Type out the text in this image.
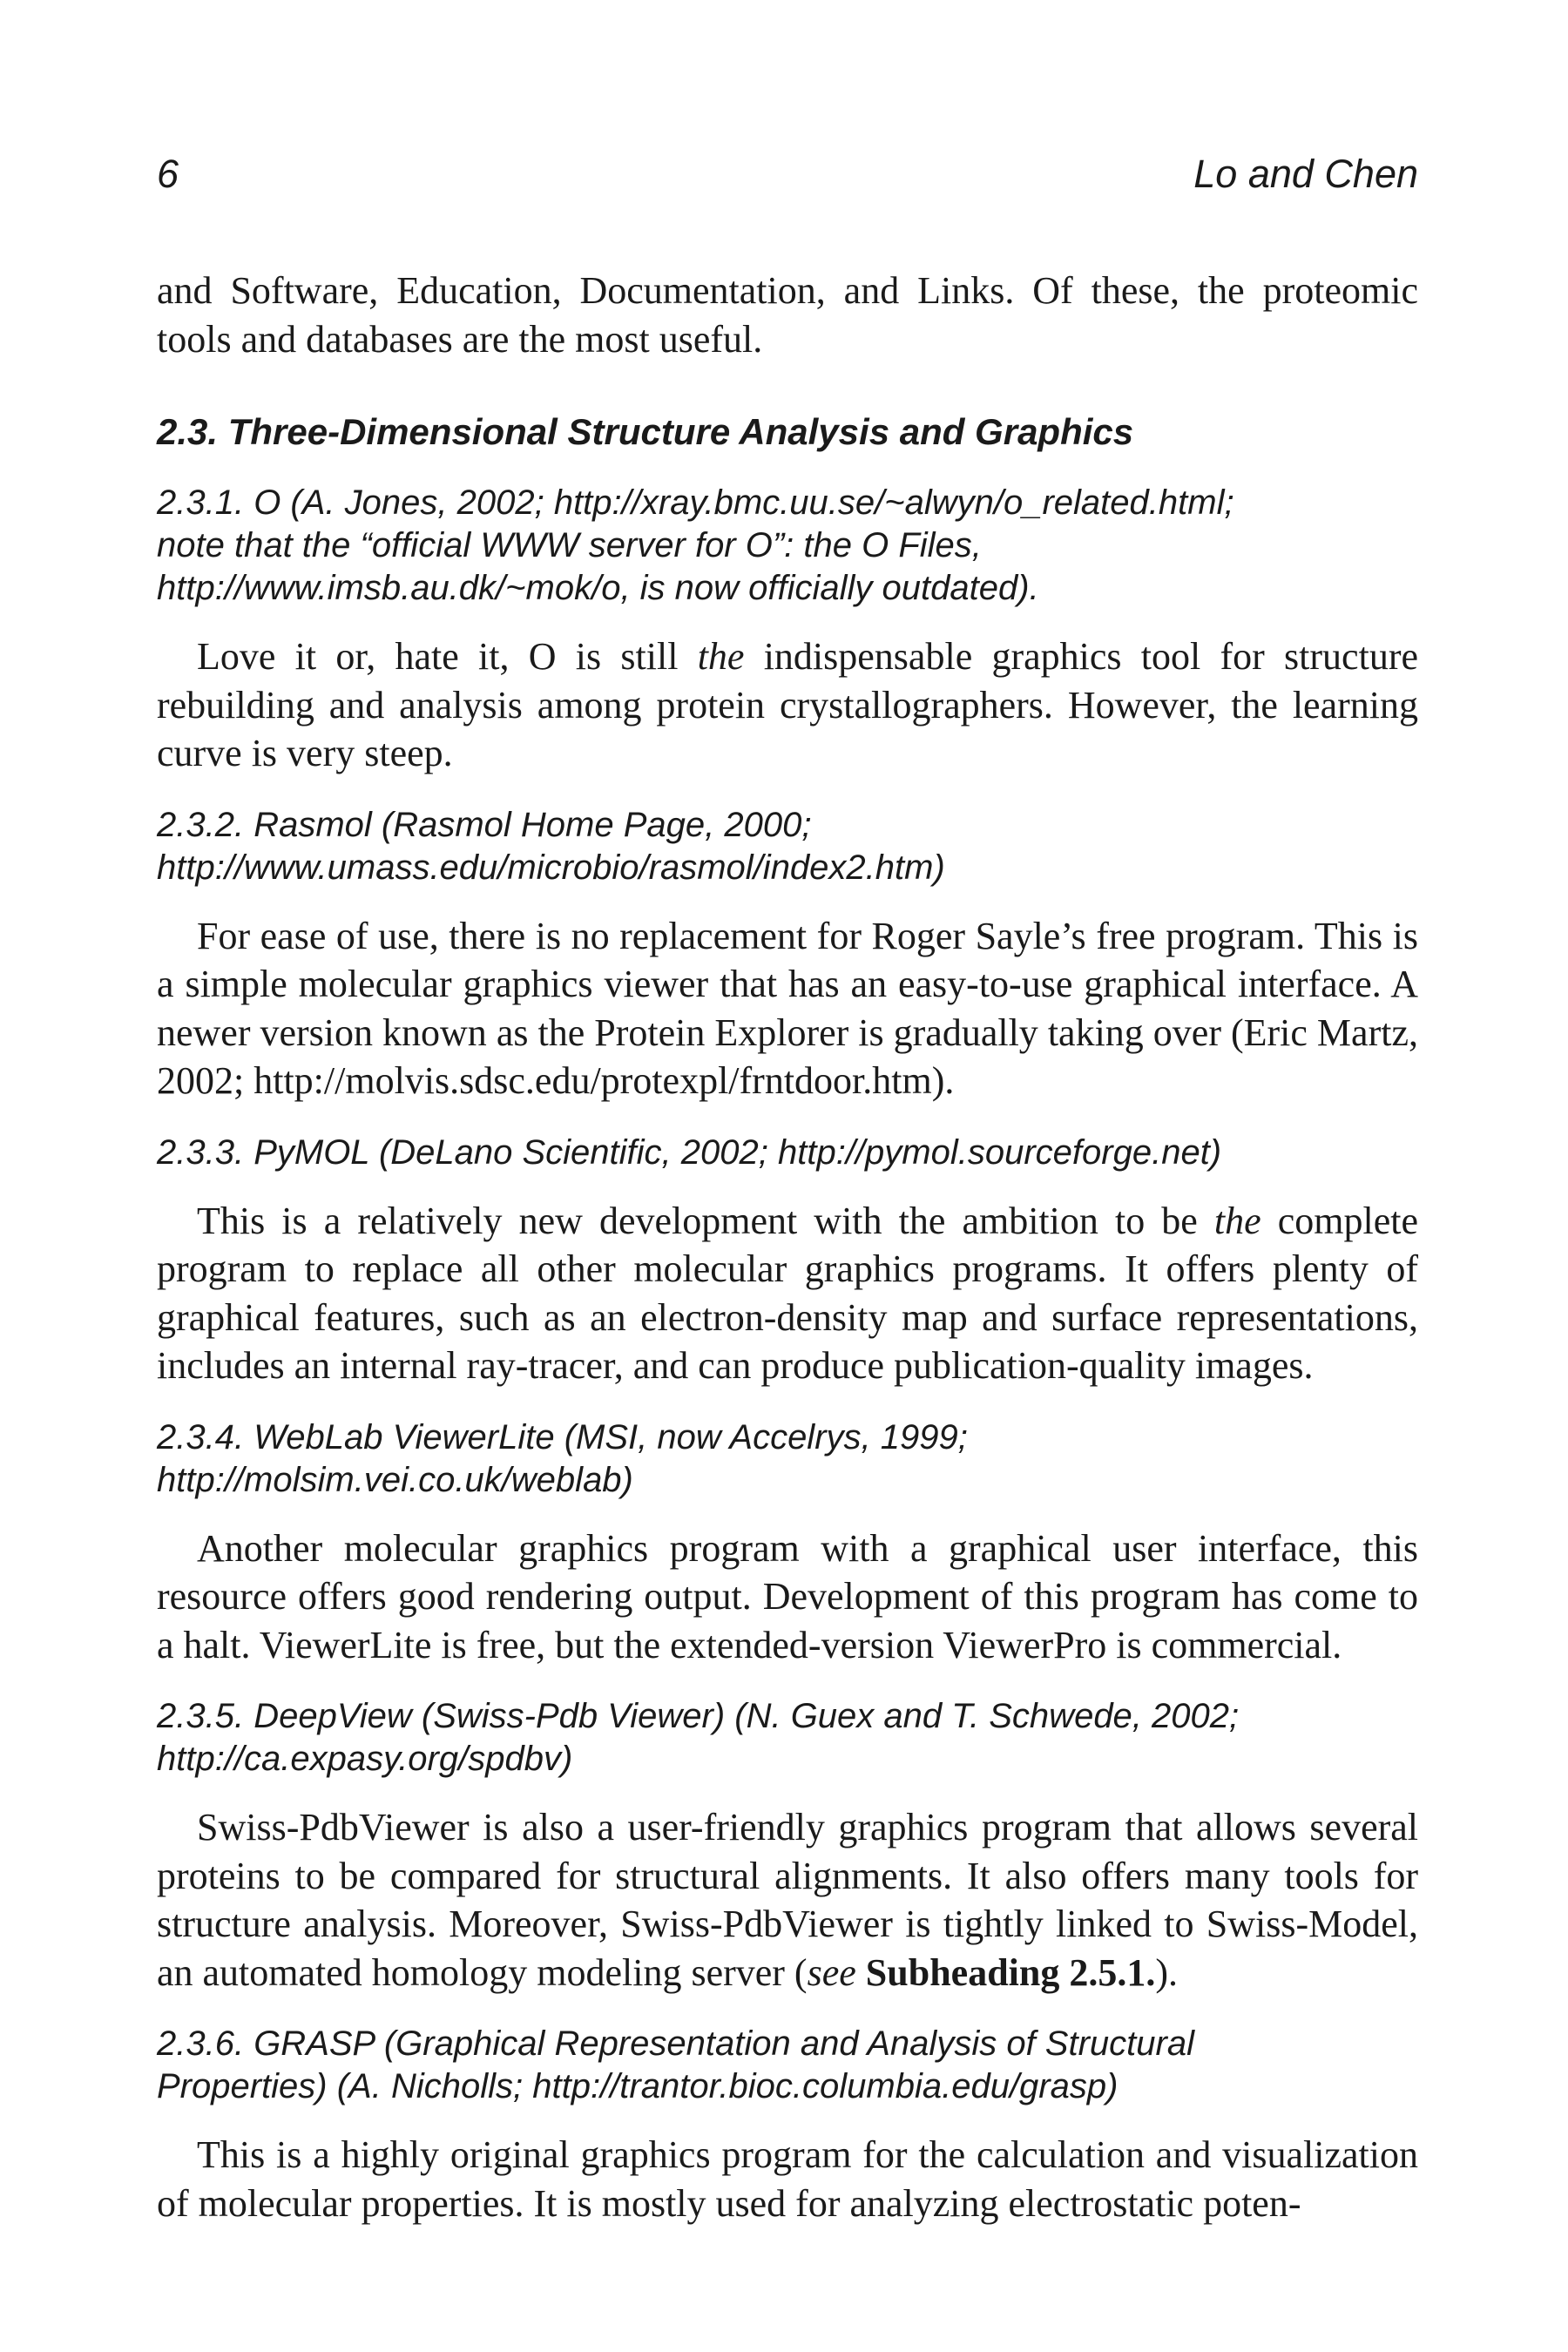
6	Lo and Chen

and Software, Education, Documentation, and Links. Of these, the proteomic tools and databases are the most useful.

2.3. Three-Dimensional Structure Analysis and Graphics
2.3.1. O (A. Jones, 2002; http://xray.bmc.uu.se/~alwyn/o_related.html;
note that the “official WWW server for O”: the O Files,
http://www.imsb.au.dk/~mok/o, is now officially outdated).

Love it or, hate it, O is still the indispensable graphics tool for structure rebuilding and analysis among protein crystallographers. However, the learning curve is very steep.

2.3.2. Rasmol (Rasmol Home Page, 2000;
http://www.umass.edu/microbio/rasmol/index2.htm)

For ease of use, there is no replacement for Roger Sayle’s free program. This is a simple molecular graphics viewer that has an easy-to-use graphical interface. A newer version known as the Protein Explorer is gradually taking over (Eric Martz, 2002; http://molvis.sdsc.edu/protexpl/frntdoor.htm).

2.3.3. PyMOL (DeLano Scientific, 2002; http://pymol.sourceforge.net)

This is a relatively new development with the ambition to be the complete program to replace all other molecular graphics programs. It offers plenty of graphical features, such as an electron-density map and surface representations, includes an internal ray-tracer, and can produce publication-quality images.

2.3.4. WebLab ViewerLite (MSI, now Accelrys, 1999;
http://molsim.vei.co.uk/weblab)

Another molecular graphics program with a graphical user interface, this resource offers good rendering output. Development of this program has come to a halt. ViewerLite is free, but the extended-version ViewerPro is commercial.

2.3.5. DeepView (Swiss-Pdb Viewer) (N. Guex and T. Schwede, 2002;
http://ca.expasy.org/spdbv)

Swiss-PdbViewer is also a user-friendly graphics program that allows several proteins to be compared for structural alignments. It also offers many tools for structure analysis. Moreover, Swiss-PdbViewer is tightly linked to Swiss-Model, an automated homology modeling server (see Subheading 2.5.1.).

2.3.6. GRASP (Graphical Representation and Analysis of Structural
Properties) (A. Nicholls; http://trantor.bioc.columbia.edu/grasp)

This is a highly original graphics program for the calculation and visualization of molecular properties. It is mostly used for analyzing electrostatic poten-
